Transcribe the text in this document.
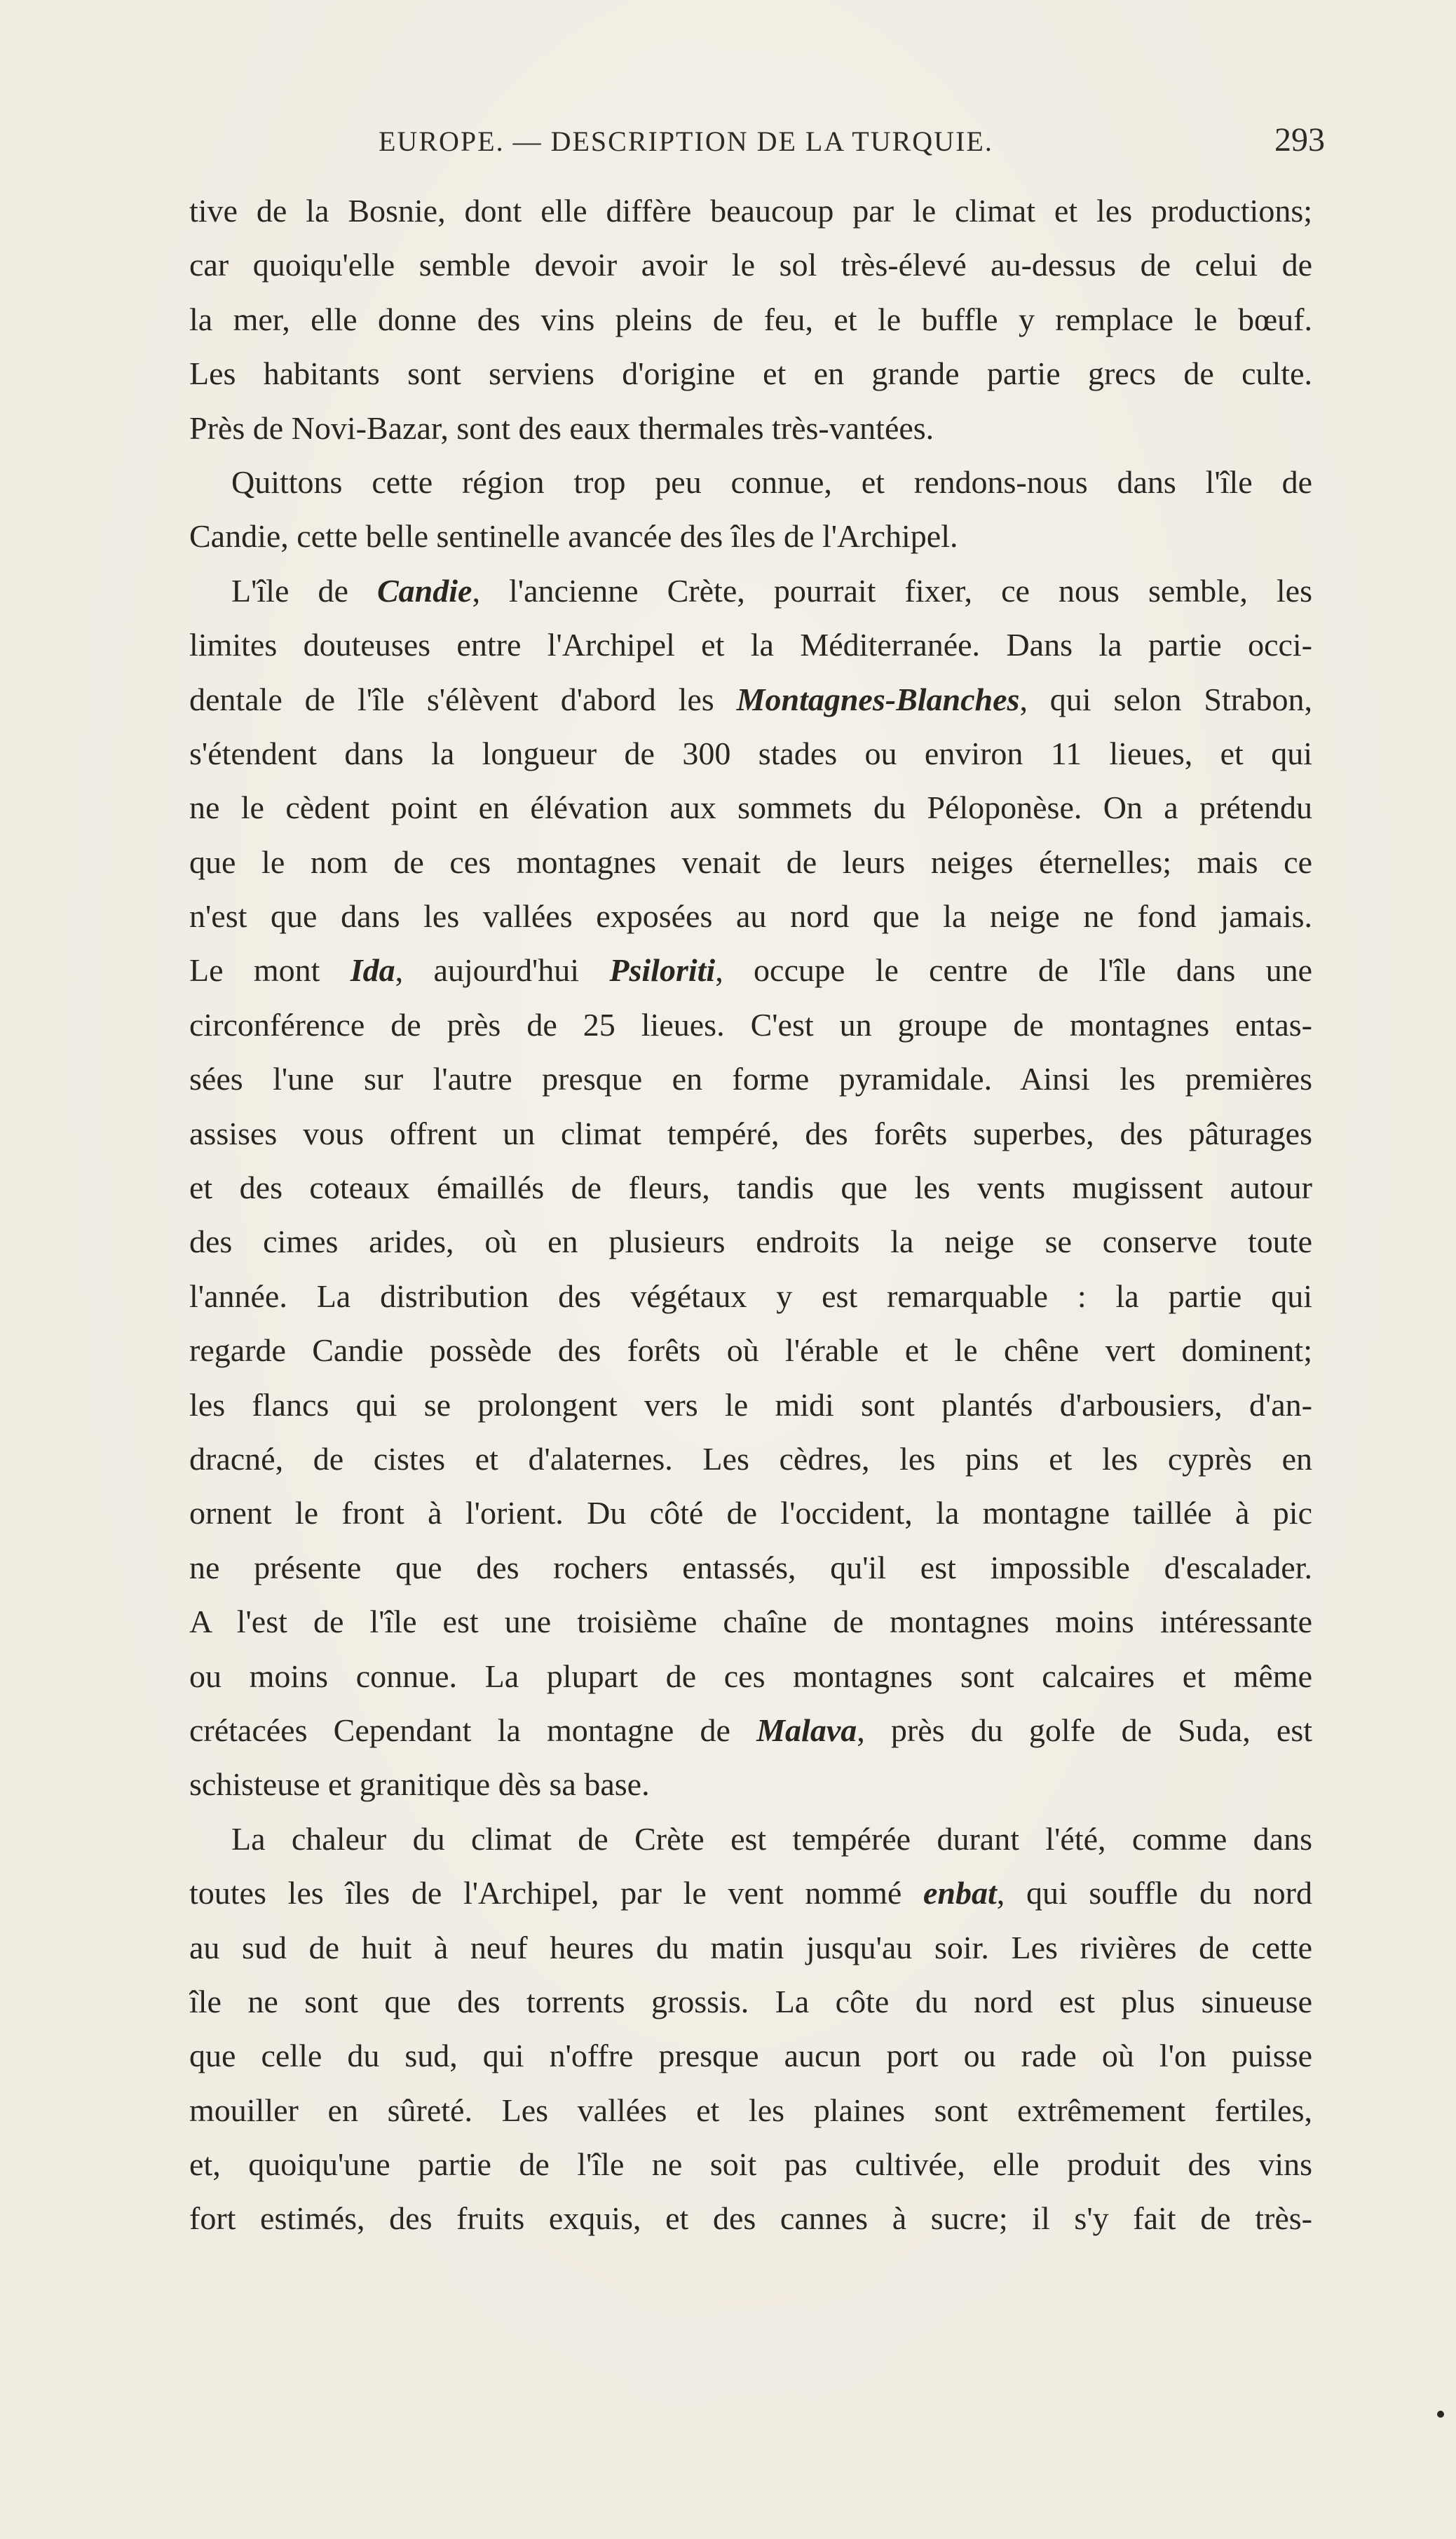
EUROPE. — DESCRIPTION DE LA TURQUIE.	293
tive de la Bosnie, dont elle diffère beaucoup par le climat et les productions;
car quoiqu'elle semble devoir avoir le sol très-élevé au-dessus de celui de
la mer, elle donne des vins pleins de feu, et le buffle y remplace le bœuf.
Les habitants sont serviens d'origine et en grande partie grecs de culte.
Près de Novi-Bazar, sont des eaux thermales très-vantées.
Quittons cette région trop peu connue, et rendons-nous dans l'île de
Candie, cette belle sentinelle avancée des îles de l'Archipel.
L'île de Candie, l'ancienne Crète, pourrait fixer, ce nous semble, les
limites douteuses entre l'Archipel et la Méditerranée. Dans la partie occi-
dentale de l'île s'élèvent d'abord les Montagnes-Blanches, qui selon Strabon,
s'étendent dans la longueur de 300 stades ou environ 11 lieues, et qui
ne le cèdent point en élévation aux sommets du Péloponèse. On a prétendu
que le nom de ces montagnes venait de leurs neiges éternelles; mais ce
n'est que dans les vallées exposées au nord que la neige ne fond jamais.
Le mont Ida, aujourd'hui Psiloriti, occupe le centre de l'île dans une
circonférence de près de 25 lieues. C'est un groupe de montagnes entas-
sées l'une sur l'autre presque en forme pyramidale. Ainsi les premières
assises vous offrent un climat tempéré, des forêts superbes, des pâturages
et des coteaux émaillés de fleurs, tandis que les vents mugissent autour
des cimes arides, où en plusieurs endroits la neige se conserve toute
l'année. La distribution des végétaux y est remarquable : la partie qui
regarde Candie possède des forêts où l'érable et le chêne vert dominent;
les flancs qui se prolongent vers le midi sont plantés d'arbousiers, d'an-
dracné, de cistes et d'alaternes. Les cèdres, les pins et les cyprès en
ornent le front à l'orient. Du côté de l'occident, la montagne taillée à pic
ne présente que des rochers entassés, qu'il est impossible d'escalader.
A l'est de l'île est une troisième chaîne de montagnes moins intéressante
ou moins connue. La plupart de ces montagnes sont calcaires et même
crétacées Cependant la montagne de Malava, près du golfe de Suda, est
schisteuse et granitique dès sa base.
La chaleur du climat de Crète est tempérée durant l'été, comme dans
toutes les îles de l'Archipel, par le vent nommé enbat, qui souffle du nord
au sud de huit à neuf heures du matin jusqu'au soir. Les rivières de cette
île ne sont que des torrents grossis. La côte du nord est plus sinueuse
que celle du sud, qui n'offre presque aucun port ou rade où l'on puisse
mouiller en sûreté. Les vallées et les plaines sont extrêmement fertiles,
et, quoiqu'une partie de l'île ne soit pas cultivée, elle produit des vins
fort estimés, des fruits exquis, et des cannes à sucre; il s'y fait de très-
